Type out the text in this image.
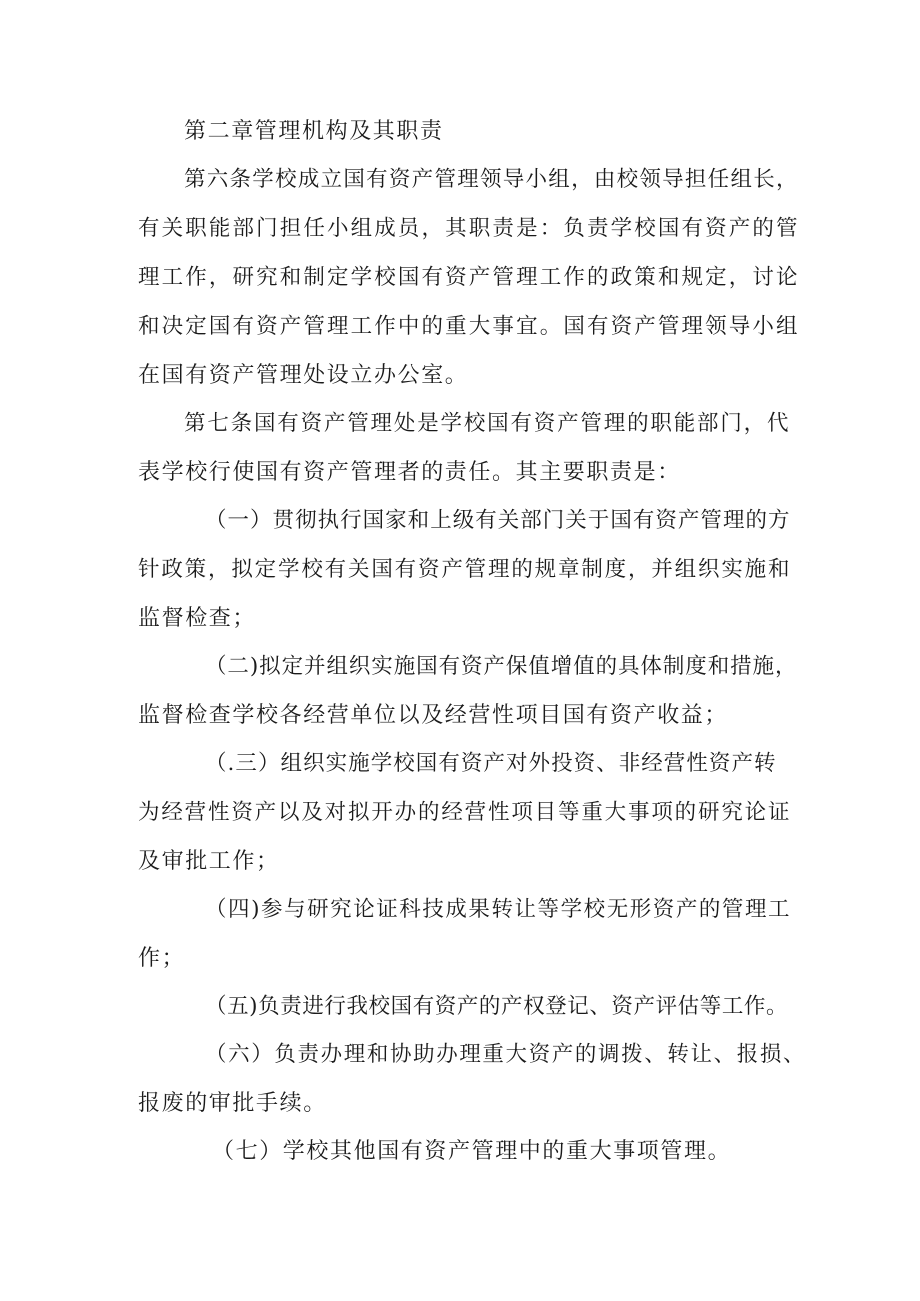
第二章管理机构及其职责
第六条学校成立国有资产管理领导小组，由校领导担任组长，
有关职能部门担任小组成员，其职责是：负责学校国有资产的管
理工作，研究和制定学校国有资产管理工作的政策和规定，讨论
和决定国有资产管理工作中的重大事宜。国有资产管理领导小组
在国有资产管理处设立办公室。
第七条国有资产管理处是学校国有资产管理的职能部门，代
表学校行使国有资产管理者的责任。其主要职责是：
（一）贯彻执行国家和上级有关部门关于国有资产管理的方
针政策，拟定学校有关国有资产管理的规章制度，并组织实施和
监督检查；
（二)拟定并组织实施国有资产保值增值的具体制度和措施，
监督检查学校各经营单位以及经营性项目国有资产收益；
（.三）组织实施学校国有资产对外投资、非经营性资产转
为经营性资产以及对拟开办的经营性项目等重大事项的研究论证
及审批工作；
（四)参与研究论证科技成果转让等学校无形资产的管理工
作；
（五)负责进行我校国有资产的产权登记、资产评估等工作。
（六）负责办理和协助办理重大资产的调拨、转让、报损、
报废的审批手续。
（七）学校其他国有资产管理中的重大事项管理。
